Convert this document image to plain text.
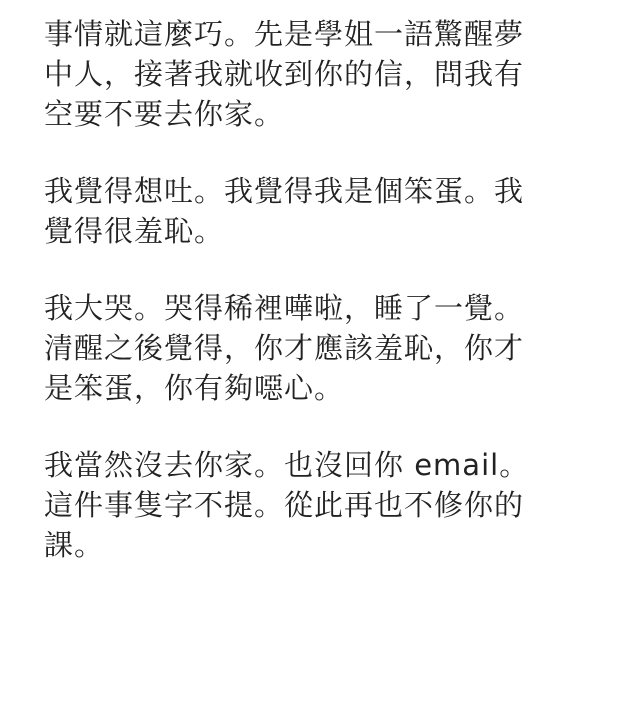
事情就這麼巧。先是學姐一語驚醒夢
中人，接著我就收到你的信，問我有
空要不要去你家。
我覺得想吐。我覺得我是個笨蛋。我
覺得很羞恥。
我大哭。哭得稀裡嘩啦，睡了一覺。
清醒之後覺得，你才應該羞恥，你才
是笨蛋，你有夠噁心。
我當然沒去你家。也沒回你 email。
這件事隻字不提。從此再也不修你的
課。
